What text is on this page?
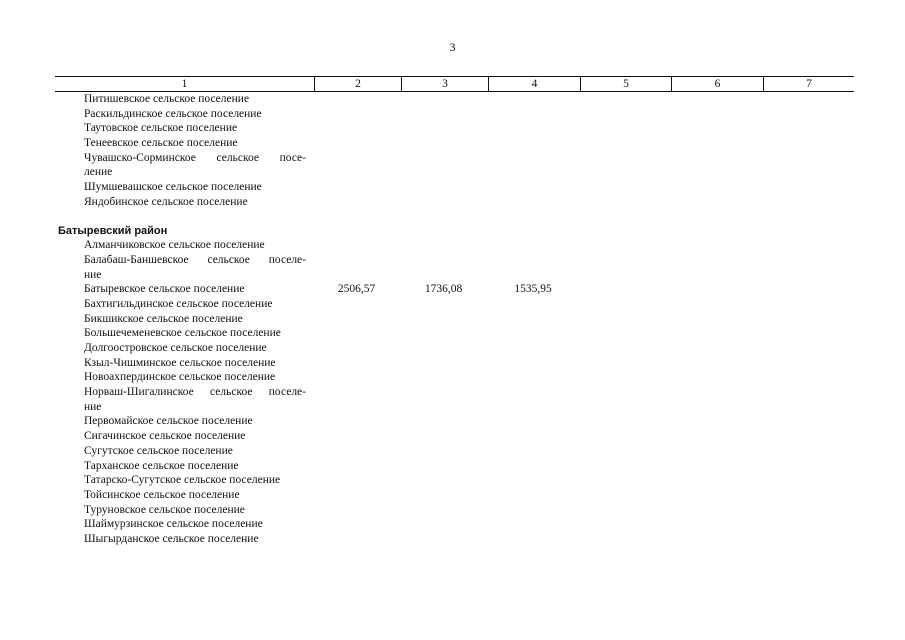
3
1	2	3	4	5	6	7
Питишевское сельское поселение
Раскильдинское сельское поселение
Таутовское сельское поселение
Тенеевское сельское поселение
Чувашско-Сорминское сельское посе-
ление
Шумшевашское сельское поселение
Яндобинское сельское поселение
Батыревский район
Алманчиковское сельское поселение
Балабаш-Баншевское сельское поселе-
ние
Батыревское сельское поселение	2506,57	1736,08	1535,95
Бахтигильдинское сельское поселение
Бикшикское сельское поселение
Большечеменевское сельское поселение
Долгоостровское сельское поселение
Кзыл-Чишминское сельское поселение
Новоахпердинское сельское поселение
Норваш-Шигалинское сельское поселе-
ние
Первомайское сельское поселение
Сигачинское сельское поселение
Сугутское сельское поселение
Тарханское сельское поселение
Татарско-Сугутское сельское поселение
Тойсинское сельское поселение
Туруновское сельское поселение
Шаймурзинское сельское поселение
Шыгырданское сельское поселение
